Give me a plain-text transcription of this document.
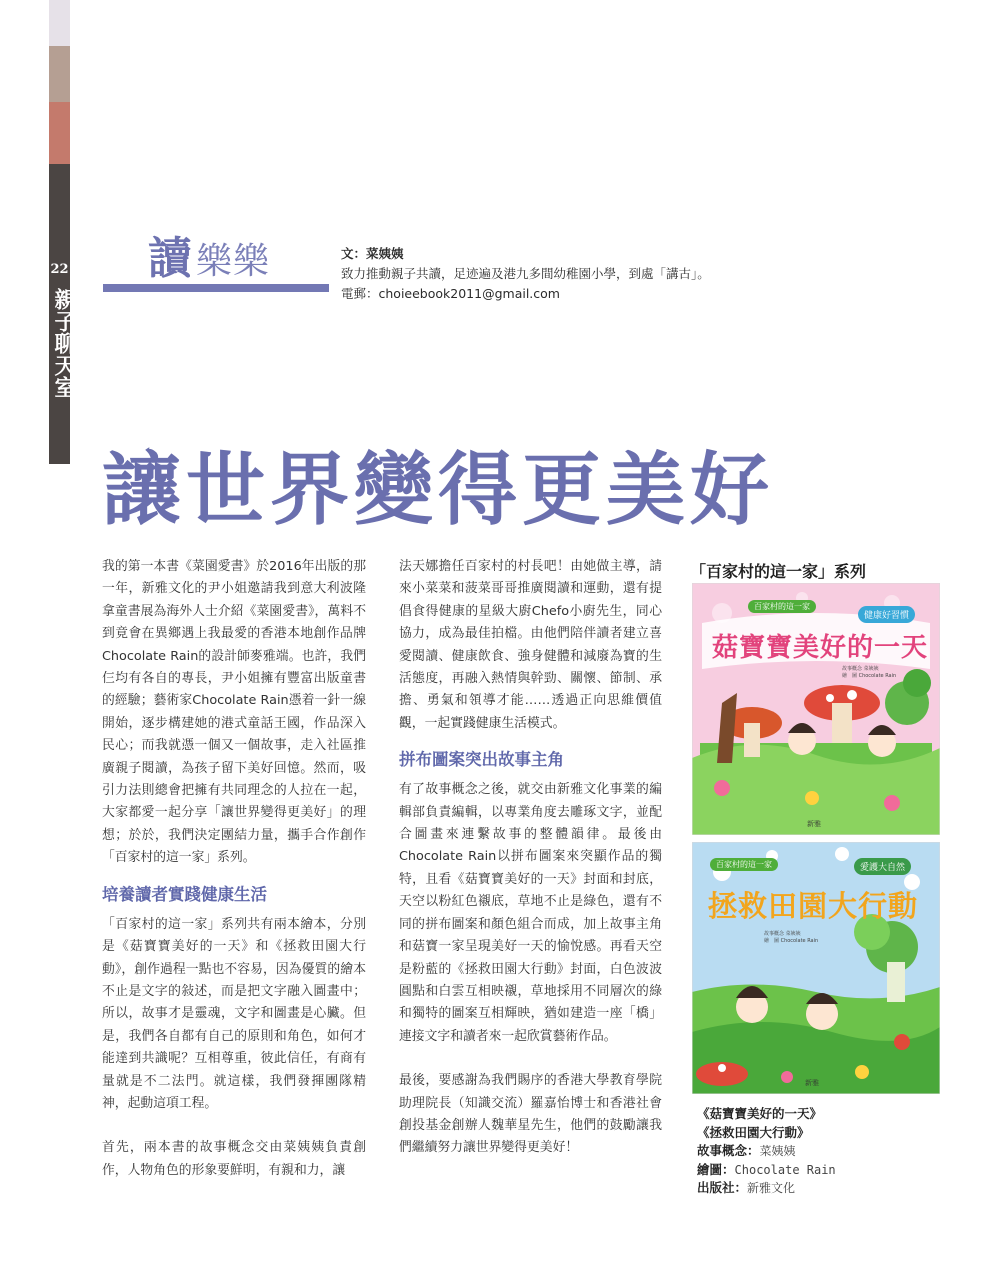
22
親子聊天室
讀 樂樂	文：菜姨姨
致力推動親子共讀，足迹遍及港九多間幼稚園小學，到處「講古」。
電郵：choieebook2011@gmail.com
讓世界變得更美好

我的第一本書《菜園愛書》於2016年出版的那一年，新雅文化的尹小姐邀請我到意大利波隆拿童書展為海外人士介紹《菜園愛書》，萬料不到竟會在異鄉遇上我最愛的香港本地創作品牌Chocolate Rain的設計師麥雅端。也許，我們仨均有各自的專長，尹小姐擁有豐富出版童書的經驗；藝術家Chocolate Rain憑着一針一線開始，逐步構建她的港式童話王國，作品深入民心；而我就憑一個又一個故事，走入社區推廣親子閱讀，為孩子留下美好回憶。然而，吸引力法則總會把擁有共同理念的人拉在一起，大家都愛一起分享「讓世界變得更美好」的理想；於於，我們決定團結力量，攜手合作創作「百家村的這一家」系列。

培養讀者實踐健康生活

「百家村的這一家」系列共有兩本繪本，分別是《菇寶寶美好的一天》和《拯救田園大行動》，創作過程一點也不容易，因為優質的繪本不止是文字的敍述，而是把文字融入圖畫中；所以，故事才是靈魂，文字和圖畫是心臟。但是，我們各自都有自己的原則和角色，如何才能達到共識呢？互相尊重，彼此信任，有商有量就是不二法門。就這樣，我們發揮團隊精神，起動這項工程。

首先，兩本書的故事概念交由菜姨姨負責創作，人物角色的形象要鮮明，有親和力，讓

法天娜擔任百家村的村長吧！由她做主導，請來小菜菜和菠菜哥哥推廣閱讀和運動，還有提倡食得健康的星級大廚Chefo小廚先生，同心協力，成為最佳拍檔。由他們陪伴讀者建立喜愛閱讀、健康飲食、強身健體和減廢為寶的生活態度，再融入熱情與幹勁、關懷、節制、承擔、勇氣和領導才能……透過正向思維價值觀，一起實踐健康生活模式。

拼布圖案突出故事主角

有了故事概念之後，就交由新雅文化事業的編輯部負責編輯，以專業角度去雕琢文字，並配合圖畫來連繫故事的整體韻律。最後由Chocolate Rain以拼布圖案來突顯作品的獨特，且看《菇寶寶美好的一天》封面和封底，天空以粉紅色襯底，草地不止是綠色，還有不同的拼布圖案和顏色組合而成，加上故事主角和菇寶一家呈現美好一天的愉悅感。再看天空是粉藍的《拯救田園大行動》封面，白色波波圓點和白雲互相映襯，草地採用不同層次的綠和獨特的圖案互相輝映，猶如建造一座「橋」連接文字和讀者來一起欣賞藝術作品。

最後，要感謝為我們賜序的香港大學教育學院助理院長（知識交流）羅嘉怡博士和香港社會創投基金創辦人魏華星先生，他們的鼓勵讓我們繼續努力讓世界變得更美好！

「百家村的這一家」系列
百家村的這一家
健康好習慣
菇寶寶美好的一天
故事概念 菜姨姨
繪　圖 Chocolate Rain
新雅
百家村的這一家	愛護大自然
拯救田園大行動
故事概念 菜姨姨
繪　圖 Chocolate Rain
新雅
《菇寶寶美好的一天》
《拯救田園大行動》
故事概念：菜姨姨
繪圖：Chocolate Rain
出版社：新雅文化
